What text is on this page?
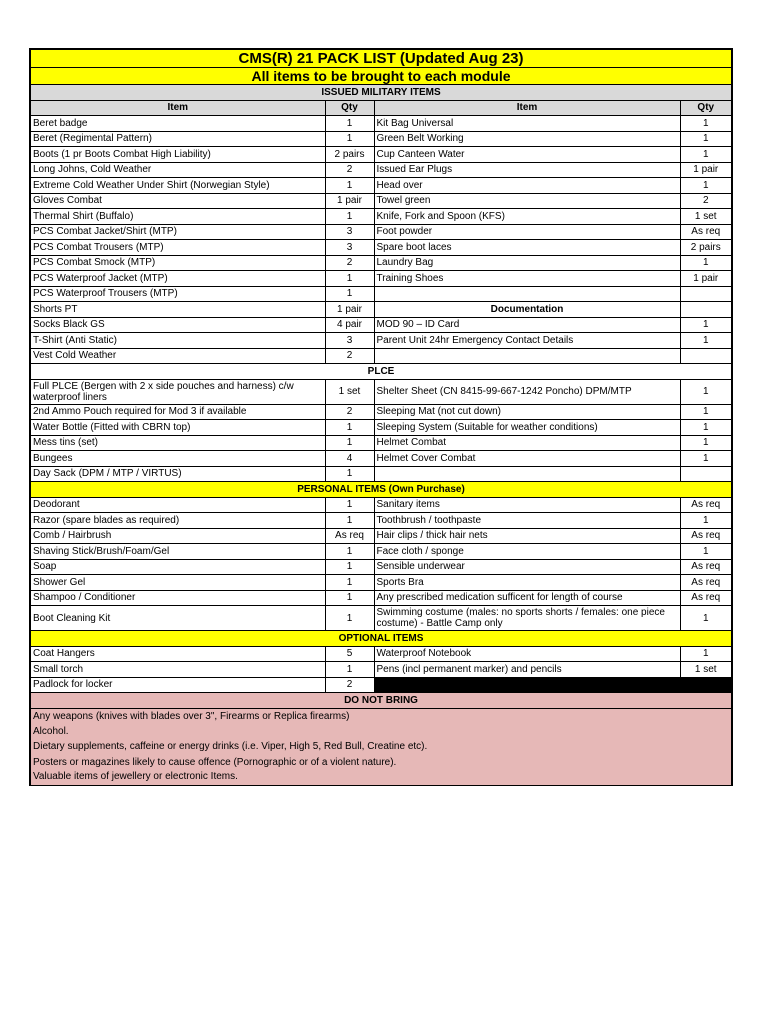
CMS(R) 21 PACK LIST (Updated Aug 23)			
All items to be brought to each module			
ISSUED MILITARY ITEMS			
Item	Qty	Item	Qty
Beret badge	1	Kit Bag Universal	1
Beret (Regimental Pattern)	1	Green Belt Working	1
Boots (1 pr Boots Combat High Liability)	2 pairs	Cup Canteen Water	1
Long Johns, Cold Weather	2	Issued Ear Plugs	1 pair
Extreme Cold Weather Under Shirt (Norwegian Style)	1	Head over	1
Gloves Combat	1 pair	Towel green	2
Thermal Shirt (Buffalo)	1	Knife, Fork and Spoon (KFS)	1 set
PCS Combat Jacket/Shirt (MTP)	3	Foot powder	As req
PCS Combat Trousers (MTP)	3	Spare boot laces	2 pairs
PCS Combat Smock (MTP)	2	Laundry Bag	1
PCS Waterproof Jacket (MTP)	1	Training Shoes	1 pair
PCS Waterproof Trousers (MTP)	1		
Shorts PT	1 pair	Documentation	
Socks Black GS	4 pair	MOD 90 – ID Card	1
T-Shirt (Anti Static)	3	Parent Unit 24hr Emergency Contact Details	1
Vest Cold Weather	2		
PLCE			
Full PLCE (Bergen with 2 x side pouches and harness) c/w waterproof liners	1 set	Shelter Sheet (CN 8415-99-667-1242 Poncho) DPM/MTP	1
2nd Ammo Pouch required for Mod 3 if available	2	Sleeping Mat (not cut down)	1
Water Bottle (Fitted with CBRN top)	1	Sleeping System (Suitable for weather conditions)	1
Mess tins (set)	1	Helmet Combat	1
Bungees	4	Helmet Cover Combat	1
Day Sack (DPM / MTP / VIRTUS)	1		
PERSONAL ITEMS (Own Purchase)			
Deodorant	1	Sanitary items	As req
Razor (spare blades as required)	1	Toothbrush / toothpaste	1
Comb / Hairbrush	As req	Hair clips / thick hair nets	As req
Shaving Stick/Brush/Foam/Gel	1	Face cloth / sponge	1
Soap	1	Sensible underwear	As req
Shower Gel	1	Sports Bra	As req
Shampoo / Conditioner	1	Any prescribed medication sufficent for length of course	As req
Boot Cleaning Kit	1	Swimming costume (males: no sports shorts / females: one piece costume) - Battle Camp only	1
OPTIONAL ITEMS			
Coat Hangers	5	Waterproof Notebook	1
Small torch	1	Pens (incl permanent marker) and pencils	1 set
Padlock for locker	2		
DO NOT BRING			
Any weapons (knives with blades over 3", Firearms or Replica firearms)			
Alcohol.			
Dietary supplements, caffeine or energy drinks (i.e. Viper, High 5, Red Bull, Creatine etc).			
Posters or magazines likely to cause offence (Pornographic or of a violent nature).			
Valuable items of jewellery or electronic Items.			
